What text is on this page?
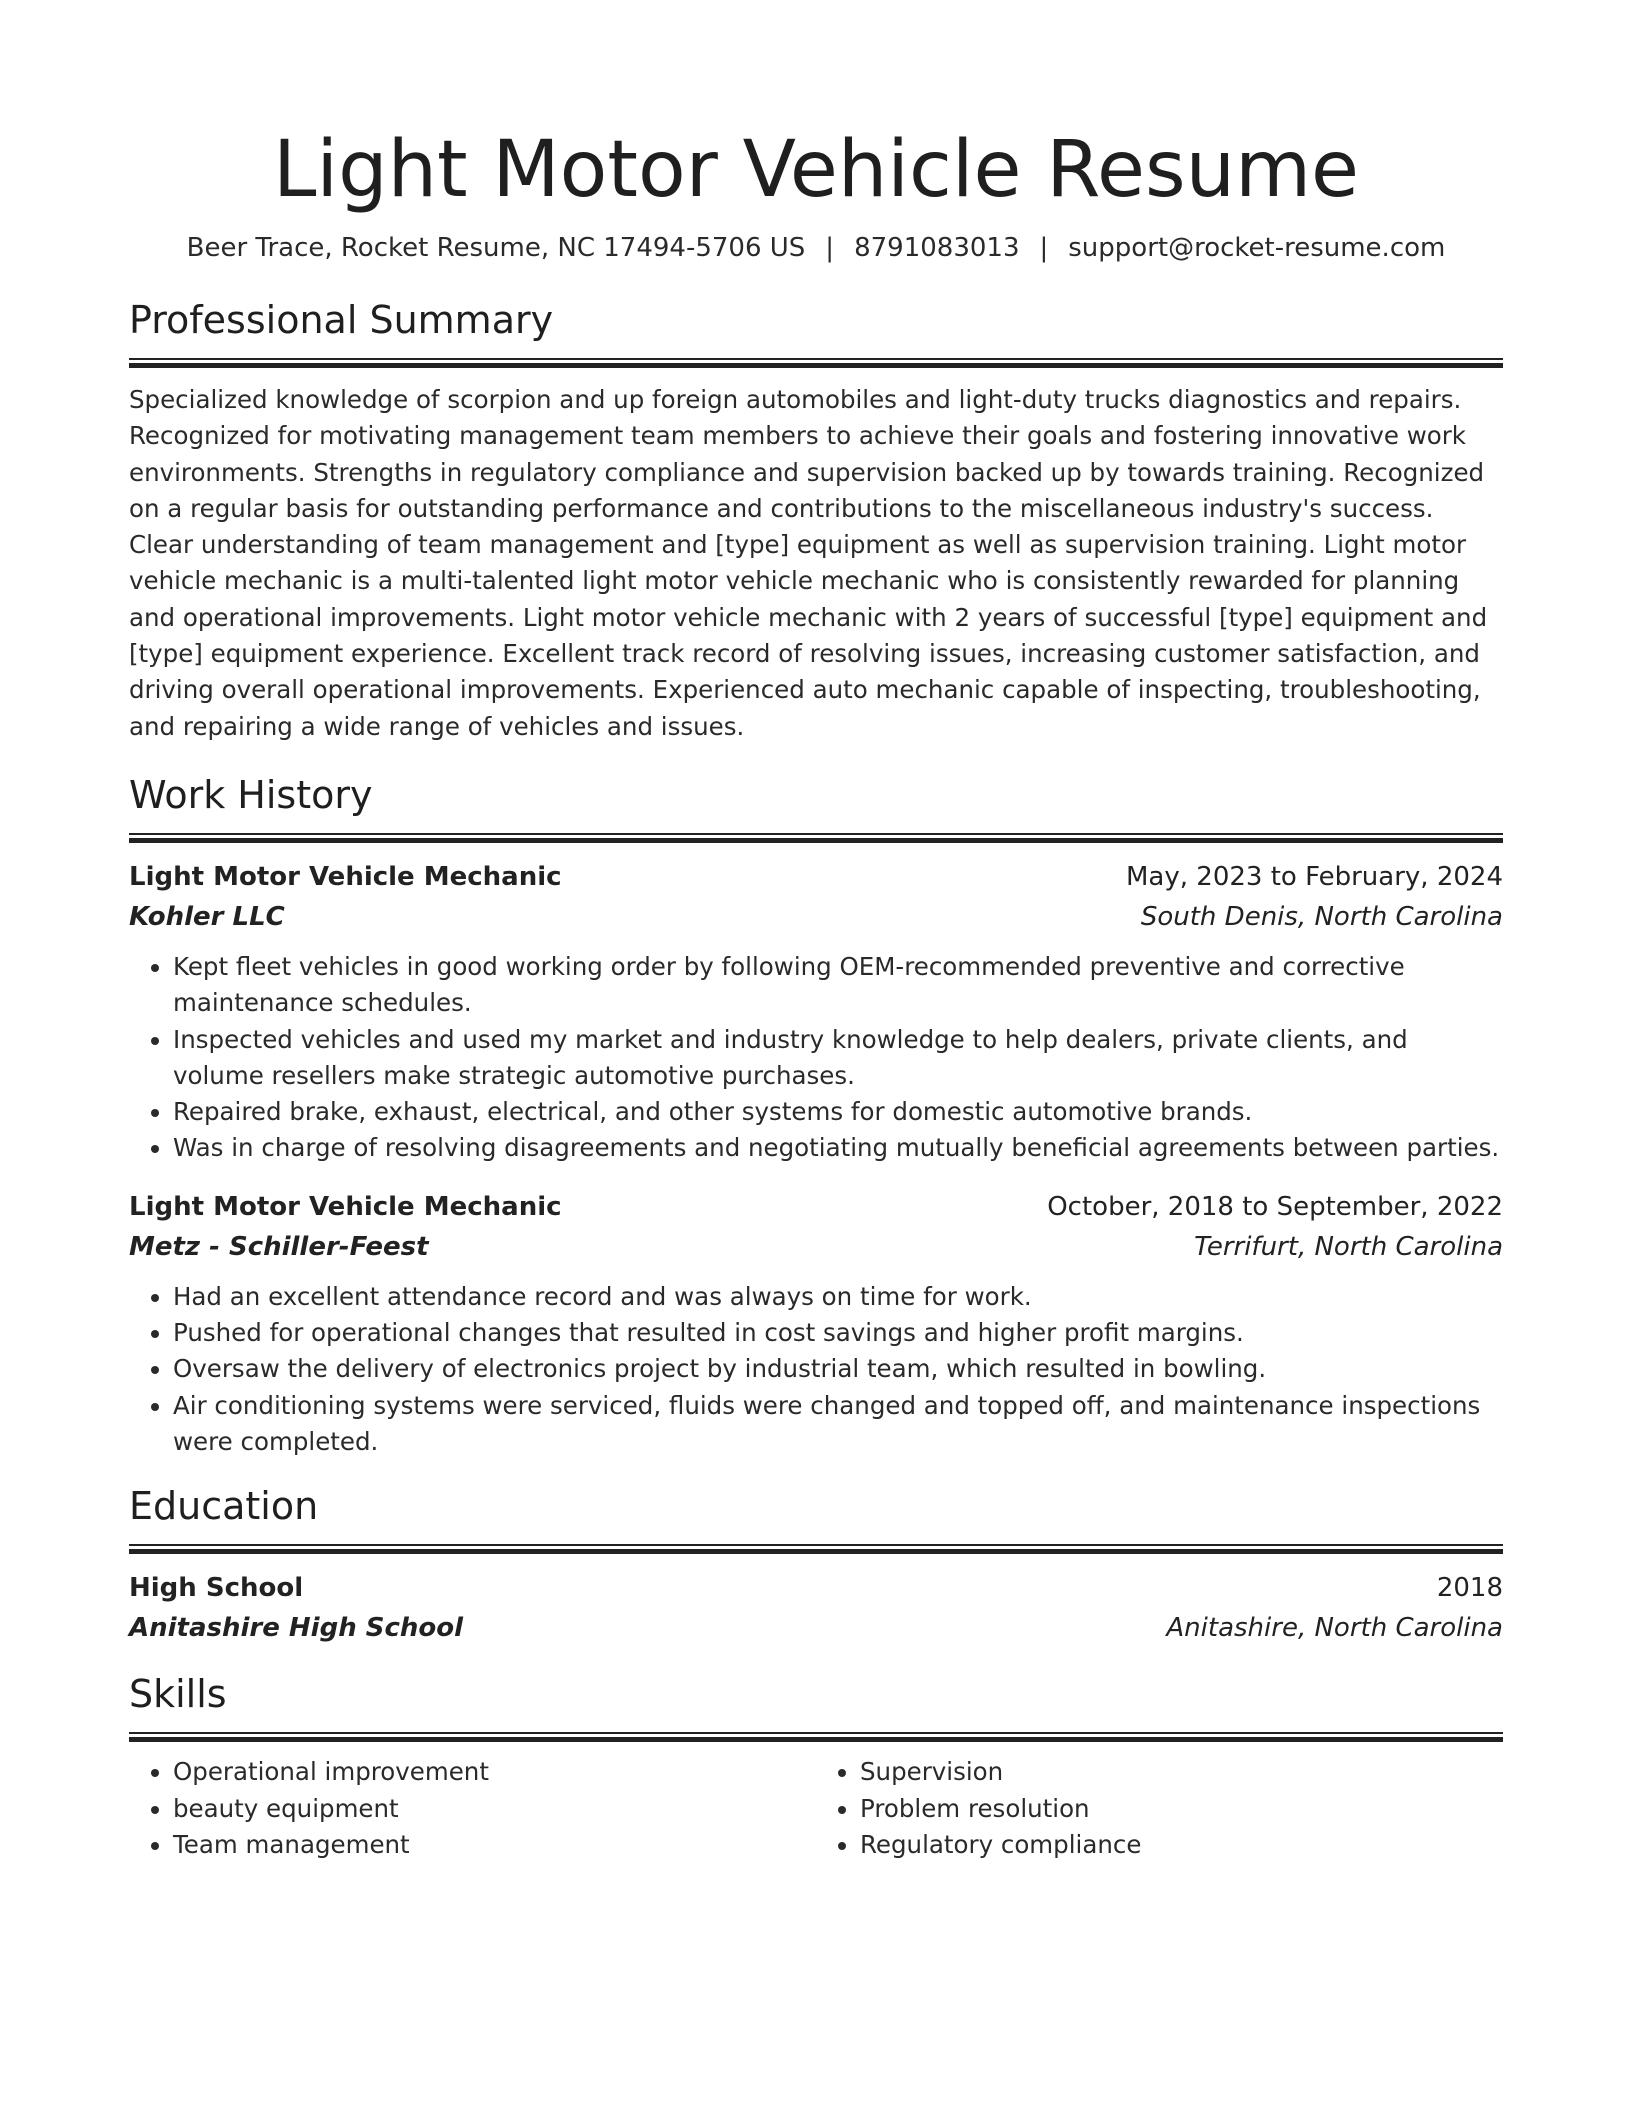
Light Motor Vehicle Resume
Beer Trace, Rocket Resume, NC 17494-5706 US | 8791083013 | support@rocket-resume.com
Professional Summary

Specialized knowledge of scorpion and up foreign automobiles and light-duty trucks diagnostics and repairs. Recognized for motivating management team members to achieve their goals and fostering innovative work environments. Strengths in regulatory compliance and supervision backed up by towards training. Recognized on a regular basis for outstanding performance and contributions to the miscellaneous industry's success. Clear understanding of team management and [type] equipment as well as supervision training. Light motor vehicle mechanic is a multi-talented light motor vehicle mechanic who is consistently rewarded for planning and operational improvements. Light motor vehicle mechanic with 2 years of successful [type] equipment and [type] equipment experience. Excellent track record of resolving issues, increasing customer satisfaction, and driving overall operational improvements. Experienced auto mechanic capable of inspecting, troubleshooting, and repairing a wide range of vehicles and issues.

Work History
Light Motor Vehicle Mechanic	May, 2023 to February, 2024
Kohler LLC	South Denis, North Carolina
• Kept fleet vehicles in good working order by following OEM-recommended preventive and corrective maintenance schedules.
• Inspected vehicles and used my market and industry knowledge to help dealers, private clients, and volume resellers make strategic automotive purchases.
• Repaired brake, exhaust, electrical, and other systems for domestic automotive brands.
• Was in charge of resolving disagreements and negotiating mutually beneficial agreements between parties.
Light Motor Vehicle Mechanic	October, 2018 to September, 2022
Metz - Schiller-Feest	Terrifurt, North Carolina
• Had an excellent attendance record and was always on time for work.
• Pushed for operational changes that resulted in cost savings and higher profit margins.
• Oversaw the delivery of electronics project by industrial team, which resulted in bowling.
• Air conditioning systems were serviced, fluids were changed and topped off, and maintenance inspections were completed.
Education
High School	2018
Anitashire High School	Anitashire, North Carolina
Skills
• Operational improvement
• beauty equipment
• Team management
• Supervision
• Problem resolution
• Regulatory compliance
